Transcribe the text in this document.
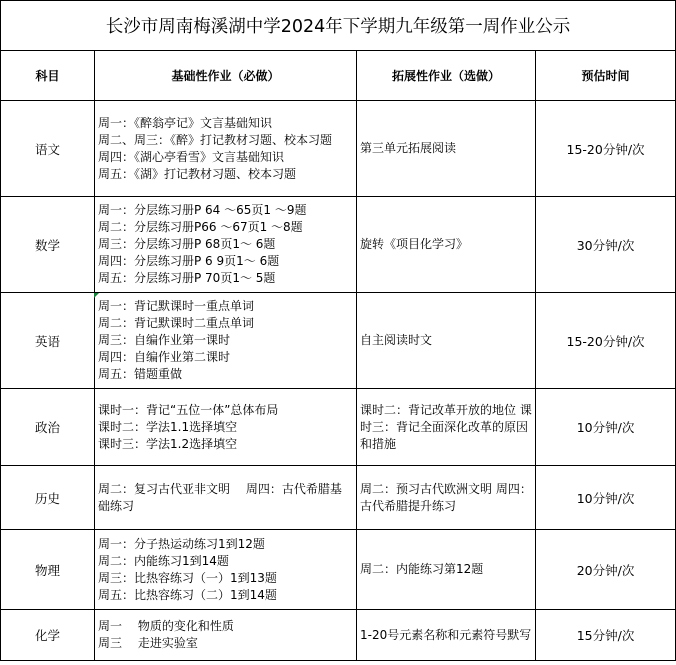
长沙市周南梅溪湖中学2024年下学期九年级第一周作业公示			
科目	基础性作业（必做）	拓展性作业（选做）	预估时间
语文	周一：《醉翁亭记》文言基础知识
周二、周三：《醉》打记教材习题、校本习题
周四：《湖心亭看雪》文言基础知识
周五：《湖》打记教材习题、校本习题	第三单元拓展阅读	15-20分钟/次
数学	周一：分层练习册P 64 ～65页1 ～9题
周二：分层练习册P66 ～67页1 ～8题
周三：分层练习册P 68页1～ 6题
周四：分层练习册P 6 9页1～ 6题
周五：分层练习册P 70页1～ 5题	旋转《项目化学习》	30分钟/次
英语	周一：背记默课时一重点单词
周二：背记默课时二重点单词
周三：自编作业第一课时
周四：自编作业第二课时
周五：错题重做	自主阅读时文	15-20分钟/次
政治	课时一：背记“五位一体”总体布局
课时二：学法1.1选择填空
课时三：学法1.2选择填空	课时二：背记改革开放的地位 课时三：背记全面深化改革的原因和措施	10分钟/次
历史	周二：复习古代亚非文明　 周四：古代希腊基础练习	周二：预习古代欧洲文明 周四：古代希腊提升练习	10分钟/次
物理	周一：分子热运动练习1到12题
周二：内能练习1到14题
周三：比热容练习（一）1到13题
周五：比热容练习（二）1到14题	周二：内能练习第12题	20分钟/次
化学	周一　 物质的变化和性质
周三　 走进实验室	1-20号元素名称和元素符号默写	15分钟/次
